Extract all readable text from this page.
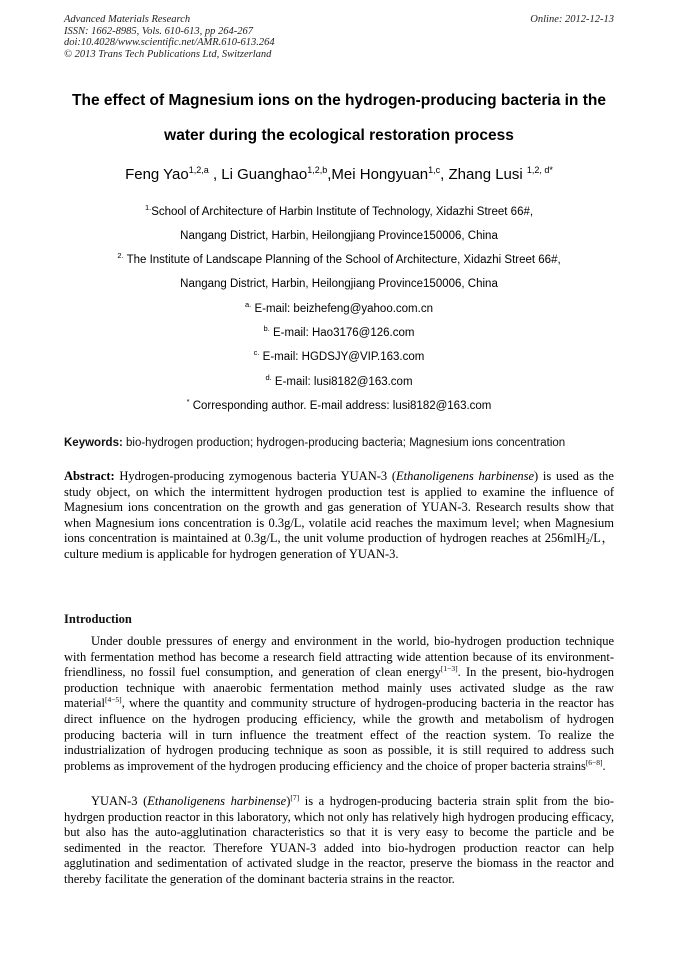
Advanced Materials Research
ISSN: 1662-8985, Vols. 610-613, pp 264-267
doi:10.4028/www.scientific.net/AMR.610-613.264
© 2013 Trans Tech Publications Ltd, Switzerland
Online: 2012-12-13
The effect of Magnesium ions on the hydrogen-producing bacteria in the
water during the ecological restoration process
Feng Yao$^{1,2,a}$ , Li Guanghao$^{1,2,b}$,Mei Hongyuan$^{1,c}$, Zhang Lusi $^{1,2, d*}$
$^{1.}$School of Architecture of Harbin Institute of Technology, Xidazhi Street 66#,
Nangang District, Harbin, Heilongjiang Province150006, China
$^{2.}$ The Institute of Landscape Planning of the School of Architecture, Xidazhi Street 66#,
Nangang District, Harbin, Heilongjiang Province150006, China
$^{a.}$ E-mail: beizhefeng@yahoo.com.cn
$^{b.}$ E-mail: Hao3176@126.com
$^{c.}$ E-mail: HGDSJY@VIP.163.com
$^{d.}$ E-mail: lusi8182@163.com
* Corresponding author. E-mail address: lusi8182@163.com
Keywords: bio-hydrogen production; hydrogen-producing bacteria; Magnesium ions concentration
Abstract: Hydrogen-producing zymogenous bacteria YUAN-3 (Ethanoligenens harbinense) is used as the study object, on which the intermittent hydrogen production test is applied to examine the influence of Magnesium ions concentration on the growth and gas generation of YUAN-3. Research results show that when Magnesium ions concentration is 0.3g/L, volatile acid reaches the maximum level; when Magnesium ions concentration is maintained at 0.3g/L, the unit volume production of hydrogen reaches at 256mlH$_2$/L， culture medium is applicable for hydrogen generation of YUAN-3.
Introduction
Under double pressures of energy and environment in the world, bio-hydrogen production technique with fermentation method has become a research field attracting wide attention because of its environment-friendliness, no fossil fuel consumption, and generation of clean energy[1−3]. In the present, bio-hydrogen production technique with anaerobic fermentation method mainly uses activated sludge as the raw material[4−5], where the quantity and community structure of hydrogen-producing bacteria in the reactor has direct influence on the hydrogen producing efficiency, while the growth and metabolism of hydrogen producing bacteria will in turn influence the treatment effect of the reaction system. To realize the industrialization of hydrogen producing technique as soon as possible, it is still required to address such problems as improvement of the hydrogen producing efficiency and the choice of proper bacteria strains[6−8].
YUAN-3 (Ethanoligenens harbinense)[7] is a hydrogen-producing bacteria strain split from the bio-hydrgen production reactor in this laboratory, which not only has relatively high hydrogen producing efficacy, but also has the auto-agglutination characteristics so that it is very easy to become the particle and be sedimented in the reactor. Therefore YUAN-3 added into bio-hydrogen production reactor can help agglutination and sedimentation of activated sludge in the reactor, preserve the biomass in the reactor and thereby facilitate the generation of the dominant bacteria strains in the reactor.
